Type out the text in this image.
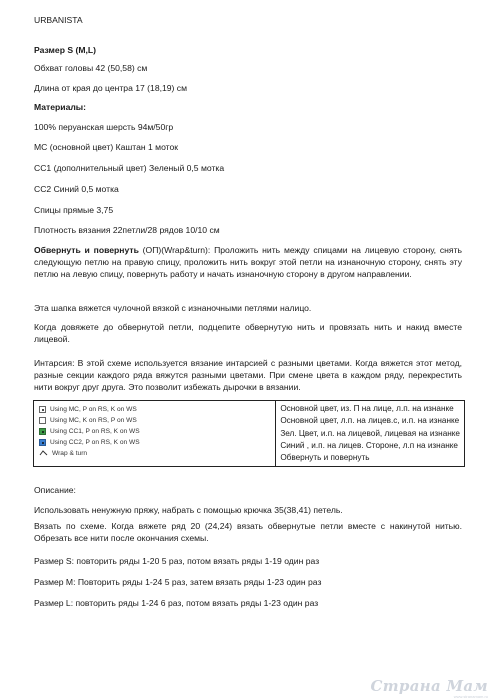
URBANISTA
Размер S (M,L)
Обхват головы 42 (50,58) см
Длина от края до центра 17 (18,19) см
Материалы:
100% перуанская шерсть 94м/50гр
MC (основной цвет) Каштан 1 моток
CC1 (дополнительный цвет) Зеленый 0,5 мотка
CC2 Синий 0,5 мотка
Спицы прямые 3,75
Плотность вязания 22петли/28 рядов 10/10 см
Обвернуть и повернуть (ОП)(Wrap&turn): Проложить нить между спицами на лицевую сторону, снять следующую петлю на правую спицу, проложить нить вокруг этой петли на изнаночную сторону, снять эту петлю на левую спицу, повернуть работу и начать изнаночную сторону в другом направлении.
Эта шапка вяжется чулочной вязкой с изнаночными петлями налицо.
Когда довяжете до обвернутой петли, подцепите обвернутую нить и провязать нить и накид вместе лицевой.
Интарсия: В этой схеме используется вязание интарсией с разными цветами. Когда вяжется этот метод, разные секции каждого ряда вяжутся разными цветами. При смене цвета в каждом ряду, перекрестить нити вокруг друг друга. Это позволит избежать дырочки в вязании.
Using MC, P on RS, K on WS
Using MC, K on RS, P on WS
Using CC1, P on RS, K on WS
Using CC2, P on RS, K on WS
Wrap & turn
Основной цвет, из. П на лице, л.п. на изнанке
Основной цвет, л.п. на лицев.с, и.п. на изнанке
Зел. Цвет, и.п. на лицевой, лицевая на изнанке
Синий , и.п. на лицев. Стороне, л.п на изнанке
Обвернуть и повернуть
Описание:
Использовать ненужную пряжу, набрать с помощью крючка 35(38,41) петель.
Вязать по схеме. Когда вяжете ряд 20 (24,24) вязать обвернутые петли вместе с накинутой нитью. Обрезать все нити после окончания схемы.
Размер S: повторить ряды 1-20 5 раз, потом вязать ряды 1-19 один раз
Размер М: Повторить ряды 1-24 5 раз, затем вязать ряды 1-23 один раз
Размер L: повторить ряды 1-24 6 раз, потом вязать ряды 1-23 один раз
Страна Мам
www.stranamam.ru
